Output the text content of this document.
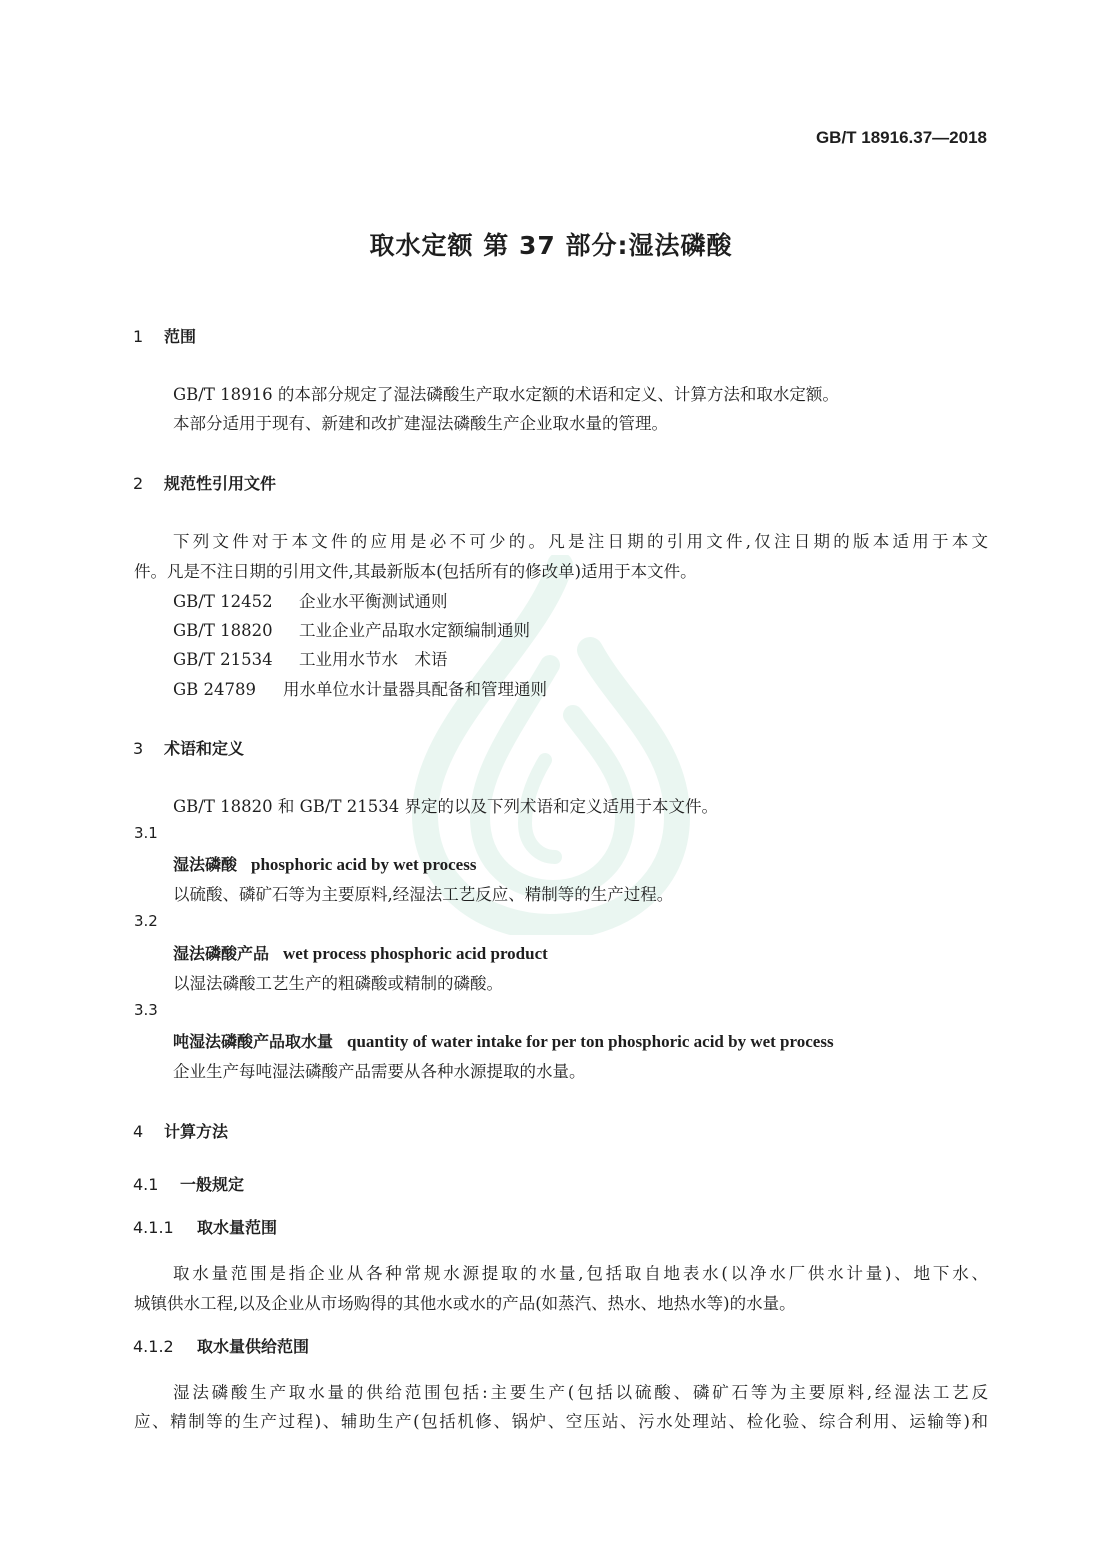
GB/T 18916.37—2018
取水定额 第 37 部分:湿法磷酸
1 范围
GB/T 18916 的本部分规定了湿法磷酸生产取水定额的术语和定义、计算方法和取水定额。
本部分适用于现有、新建和改扩建湿法磷酸生产企业取水量的管理。
2 规范性引用文件
下列文件对于本文件的应用是必不可少的。凡是注日期的引用文件,仅注日期的版本适用于本文
件。凡是不注日期的引用文件,其最新版本(包括所有的修改单)适用于本文件。
GB/T 12452 企业水平衡测试通则
GB/T 18820 工业企业产品取水定额编制通则
GB/T 21534 工业用水节水　术语
GB 24789 用水单位水计量器具配备和管理通则
3 术语和定义
GB/T 18820 和 GB/T 21534 界定的以及下列术语和定义适用于本文件。
3.1
湿法磷酸 phosphoric acid by wet process
以硫酸、磷矿石等为主要原料,经湿法工艺反应、精制等的生产过程。
3.2
湿法磷酸产品 wet process phosphoric acid product
以湿法磷酸工艺生产的粗磷酸或精制的磷酸。
3.3
吨湿法磷酸产品取水量 quantity of water intake for per ton phosphoric acid by wet process
企业生产每吨湿法磷酸产品需要从各种水源提取的水量。
4 计算方法
4.1 一般规定
4.1.1 取水量范围
取水量范围是指企业从各种常规水源提取的水量,包括取自地表水(以净水厂供水计量)、地下水、
城镇供水工程,以及企业从市场购得的其他水或水的产品(如蒸汽、热水、地热水等)的水量。
4.1.2 取水量供给范围
湿法磷酸生产取水量的供给范围包括:主要生产(包括以硫酸、磷矿石等为主要原料,经湿法工艺反
应、精制等的生产过程)、辅助生产(包括机修、锅炉、空压站、污水处理站、检化验、综合利用、运输等)和
